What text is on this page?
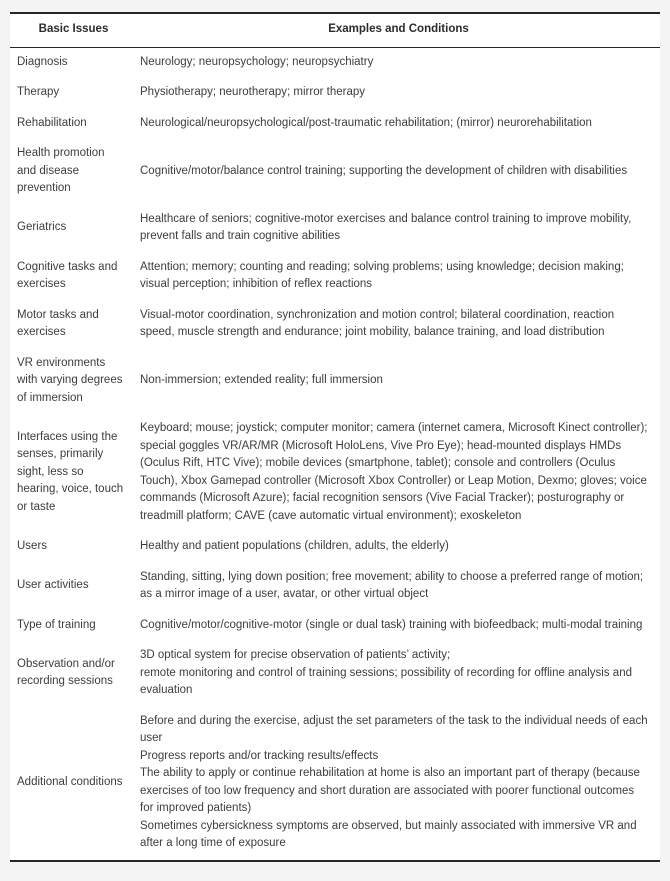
Basic Issues	Examples and Conditions
Diagnosis	Neurology; neuropsychology; neuropsychiatry

Therapy	Physiotherapy; neurotherapy; mirror therapy

Rehabilitation	Neurological/neuropsychological/post-traumatic rehabilitation; (mirror) neurorehabilitation

Health promotion and disease prevention	Cognitive/motor/balance control training; supporting the development of children with disabilities

Geriatrics	Healthcare of seniors; cognitive-motor exercises and balance control training to improve mobility, prevent falls and train cognitive abilities

Cognitive tasks and exercises	Attention; memory; counting and reading; solving problems; using knowledge; decision making; visual perception; inhibition of reflex reactions

Motor tasks and exercises	Visual-motor coordination, synchronization and motion control; bilateral coordination, reaction speed, muscle strength and endurance; joint mobility, balance training, and load distribution

VR environments with varying degrees of immersion	Non-immersion; extended reality; full immersion

Interfaces using the senses, primarily sight, less so hearing, voice, touch or taste	Keyboard; mouse; joystick; computer monitor; camera (internet camera, Microsoft Kinect controller); special goggles VR/AR/MR (Microsoft HoloLens, Vive Pro Eye); head-mounted displays HMDs (Oculus Rift, HTC Vive); mobile devices (smartphone, tablet); console and controllers (Oculus Touch), Xbox Gamepad controller (Microsoft Xbox Controller) or Leap Motion, Dexmo; gloves; voice commands (Microsoft Azure); facial recognition sensors (Vive Facial Tracker); posturography or treadmill platform; CAVE (cave automatic virtual environment); exoskeleton

Users	Healthy and patient populations (children, adults, the elderly)

User activities	Standing, sitting, lying down position; free movement; ability to choose a preferred range of motion; as a mirror image of a user, avatar, or other virtual object

Type of training	Cognitive/motor/cognitive-motor (single or dual task) training with biofeedback; multi-modal training

Observation and/or recording sessions	3D optical system for precise observation of patients’ activity;
remote monitoring and control of training sessions; possibility of recording for offline analysis and evaluation

Additional conditions	Before and during the exercise, adjust the set parameters of the task to the individual needs of each user
Progress reports and/or tracking results/effects
The ability to apply or continue rehabilitation at home is also an important part of therapy (because exercises of too low frequency and short duration are associated with poorer functional outcomes for improved patients)
Sometimes cybersickness symptoms are observed, but mainly associated with immersive VR and after a long time of exposure
